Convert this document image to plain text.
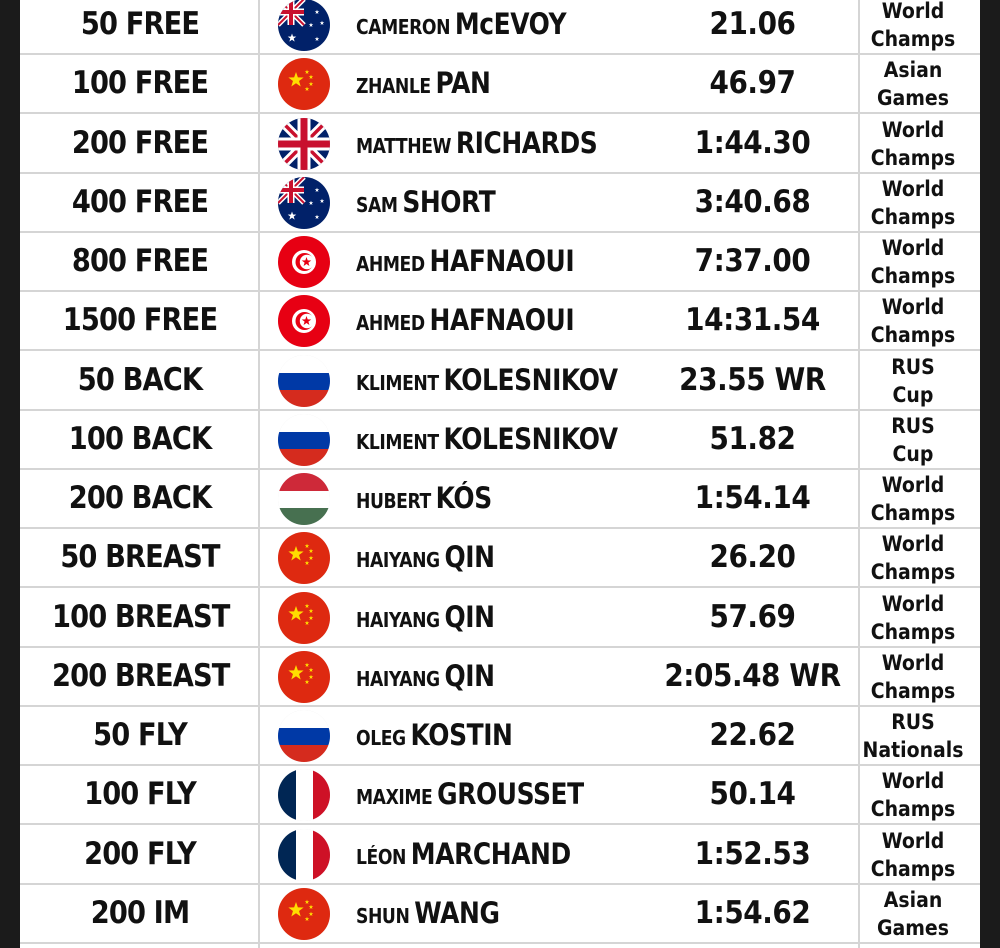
50 FREE	CAMERON McEVOY	21.06	World
Champs
100 FREE	ZHANLE PAN	46.97	Asian
Games
200 FREE	MATTHEW RICHARDS	1:44.30	World
Champs
400 FREE	SAM SHORT	3:40.68	World
Champs
800 FREE	AHMED HAFNAOUI	7:37.00	World
Champs
1500 FREE	AHMED HAFNAOUI	14:31.54	World
Champs
50 BACK	KLIMENT KOLESNIKOV	23.55 WR	RUS
Cup
100 BACK	KLIMENT KOLESNIKOV	51.82	RUS
Cup
200 BACK	HUBERT KÓS	1:54.14	World
Champs
50 BREAST	HAIYANG QIN	26.20	World
Champs
100 BREAST	HAIYANG QIN	57.69	World
Champs
200 BREAST	HAIYANG QIN	2:05.48 WR	World
Champs
50 FLY	OLEG KOSTIN	22.62	RUS
Nationals
100 FLY	MAXIME GROUSSET	50.14	World
Champs
200 FLY	LÉON MARCHAND	1:52.53	World
Champs
200 IM	SHUN WANG	1:54.62	Asian
Games
